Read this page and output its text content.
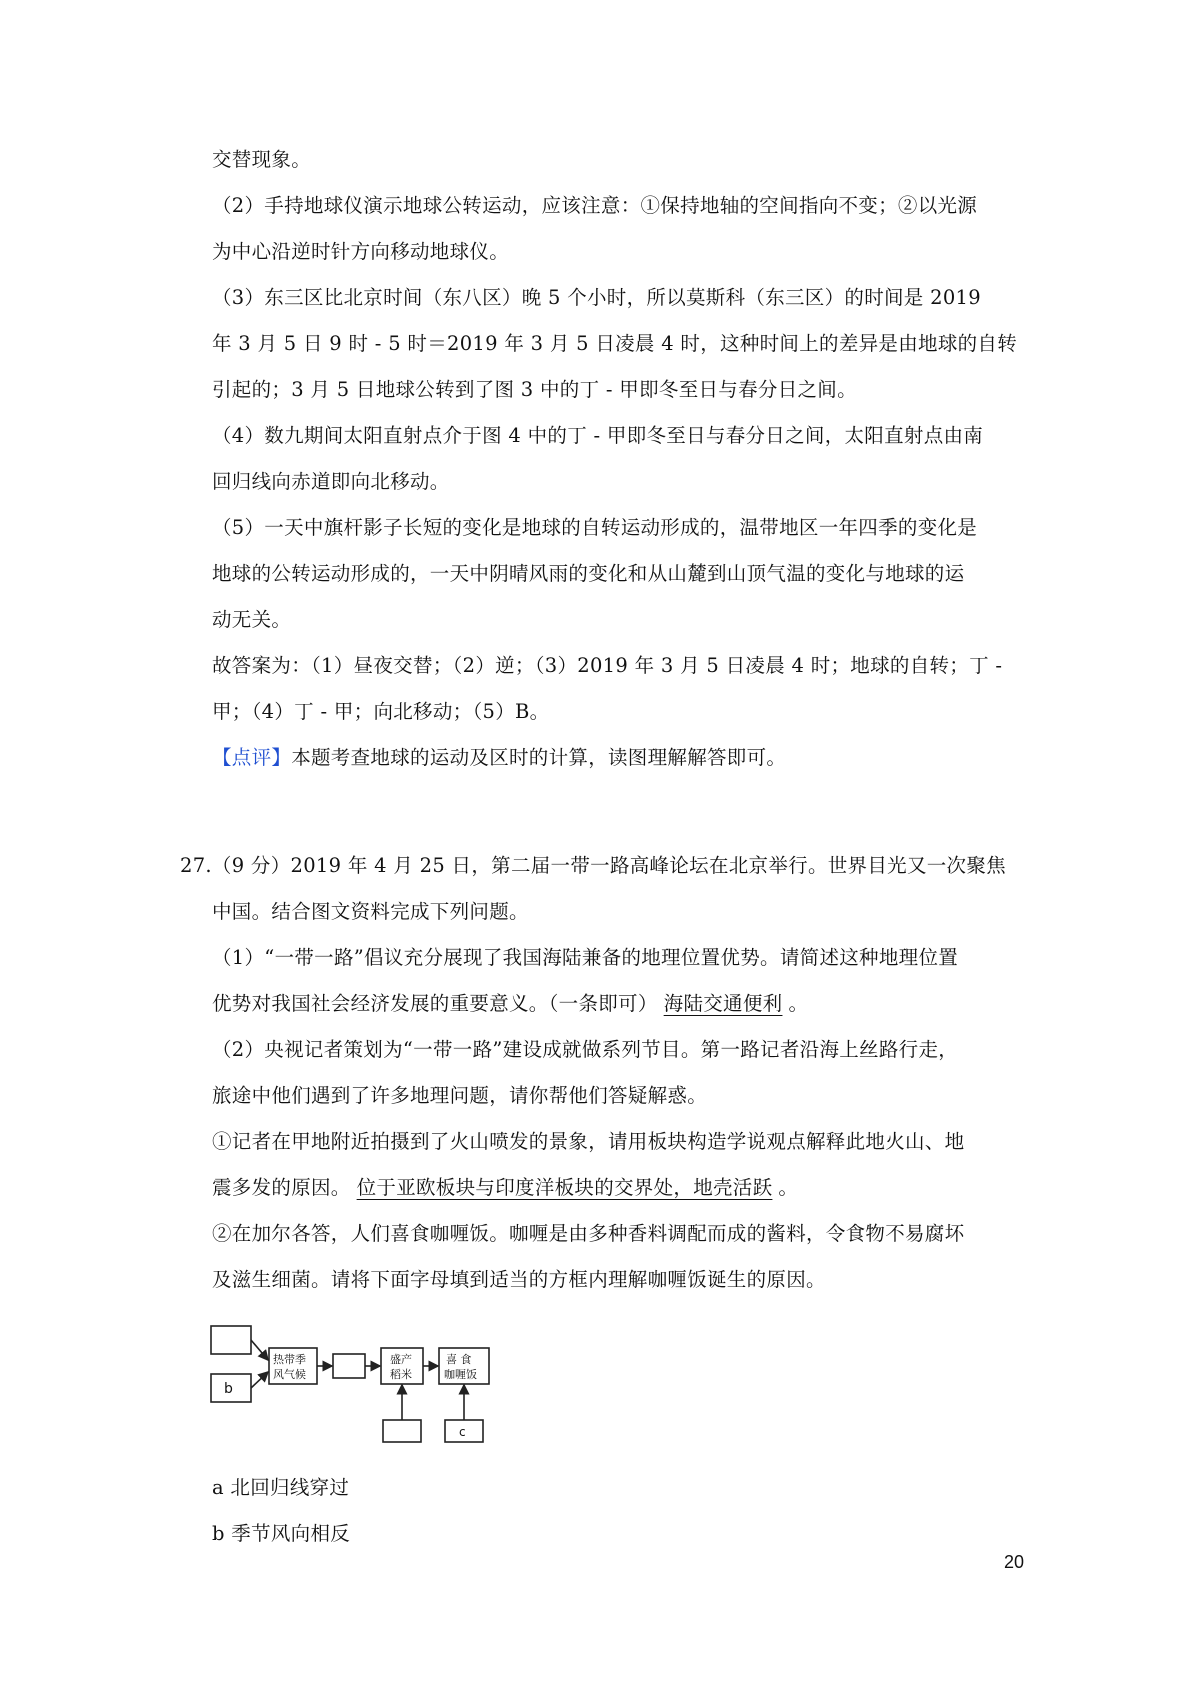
交替现象。
（2）手持地球仪演示地球公转运动，应该注意：①保持地轴的空间指向不变；②以光源
为中心沿逆时针方向移动地球仪。
（3）东三区比北京时间（东八区）晚 5 个小时，所以莫斯科（东三区）的时间是 2019
年 3 月 5 日 9 时 - 5 时＝2019 年 3 月 5 日凌晨 4 时，这种时间上的差异是由地球的自转
引起的；3 月 5 日地球公转到了图 3 中的丁 - 甲即冬至日与春分日之间。
（4）数九期间太阳直射点介于图 4 中的丁 - 甲即冬至日与春分日之间，太阳直射点由南
回归线向赤道即向北移动。
（5）一天中旗杆影子长短的变化是地球的自转运动形成的，温带地区一年四季的变化是
地球的公转运动形成的，一天中阴晴风雨的变化和从山麓到山顶气温的变化与地球的运
动无关。
故答案为：（1）昼夜交替；（2）逆；（3）2019 年 3 月 5 日凌晨 4 时；地球的自转；丁 -
甲；（4）丁 - 甲；向北移动；（5）B。
【点评】本题考查地球的运动及区时的计算，读图理解解答即可。
27.（9 分）2019 年 4 月 25 日，第二届一带一路高峰论坛在北京举行。世界目光又一次聚焦
中国。结合图文资料完成下列问题。
（1）“一带一路”倡议充分展现了我国海陆兼备的地理位置优势。请简述这种地理位置
优势对我国社会经济发展的重要意义。（一条即可） 海陆交通便利 。
（2）央视记者策划为“一带一路”建设成就做系列节目。第一路记者沿海上丝路行走，
旅途中他们遇到了许多地理问题，请你帮他们答疑解惑。
①记者在甲地附近拍摄到了火山喷发的景象，请用板块构造学说观点解释此地火山、地
震多发的原因。 位于亚欧板块与印度洋板块的交界处，地壳活跃 。
②在加尔各答，人们喜食咖喱饭。咖喱是由多种香料调配而成的酱料，令食物不易腐坏
及滋生细菌。请将下面字母填到适当的方框内理解咖喱饭诞生的原因。
b
热带季
风气候
盛产
稻米
喜 食
咖喱饭
c
a 北回归线穿过
b 季节风向相反
20
